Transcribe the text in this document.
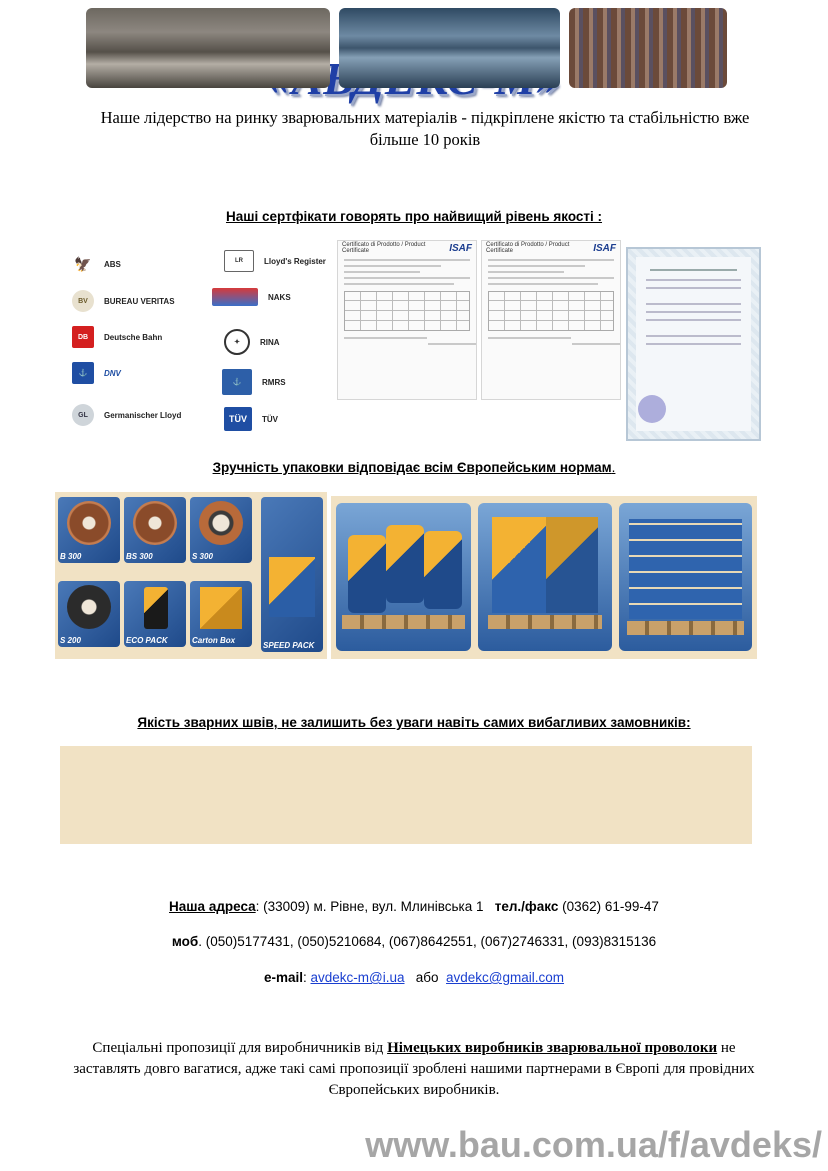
Наше лідерство на ринку зварювальних матеріалів - підкріплене якістю та стабільністю вже більше 10 років
Наші сертфікати говорять про найвищий рівень якості :
🦅 ABS
BV	BUREAU VERITAS
DB	Deutsche Bahn
⚓	DNV
GL	Germanischer Lloyd
LR	Lloyd's Register
NAKS
✦	RINA
⚓	RMRS
TÜV	TÜV
Certificato di Prodotto / Product Certificate	ISAF Certificato di Prodotto / Product Certificate	ISAF
Зручність упаковки відповідає всім Європейським нормам.
B 300	BS 300	S 300
S 200	ECO PACK	Carton Box
SPEED PACK
Якість зварних швів, не залишить без уваги навіть самих вибагливих замовників:
Наша адреса: (33009) м. Рівне, вул. Млинівська 1 тел./факс (0362) 61-99-47
моб. (050)5177431, (050)5210684, (067)8642551, (067)2746331, (093)8315136
e-mail: avdekc-m@i.ua або avdekc@gmail.com
Спеціальні пропозиції для виробничників від Німецьких виробників зварювальної проволоки не заставлять довго вагатися, адже такі самі пропозиції зроблені нашими партнерами в Європі для провідних Європейських виробників.
www.bau.com.ua/f/avdeks/
